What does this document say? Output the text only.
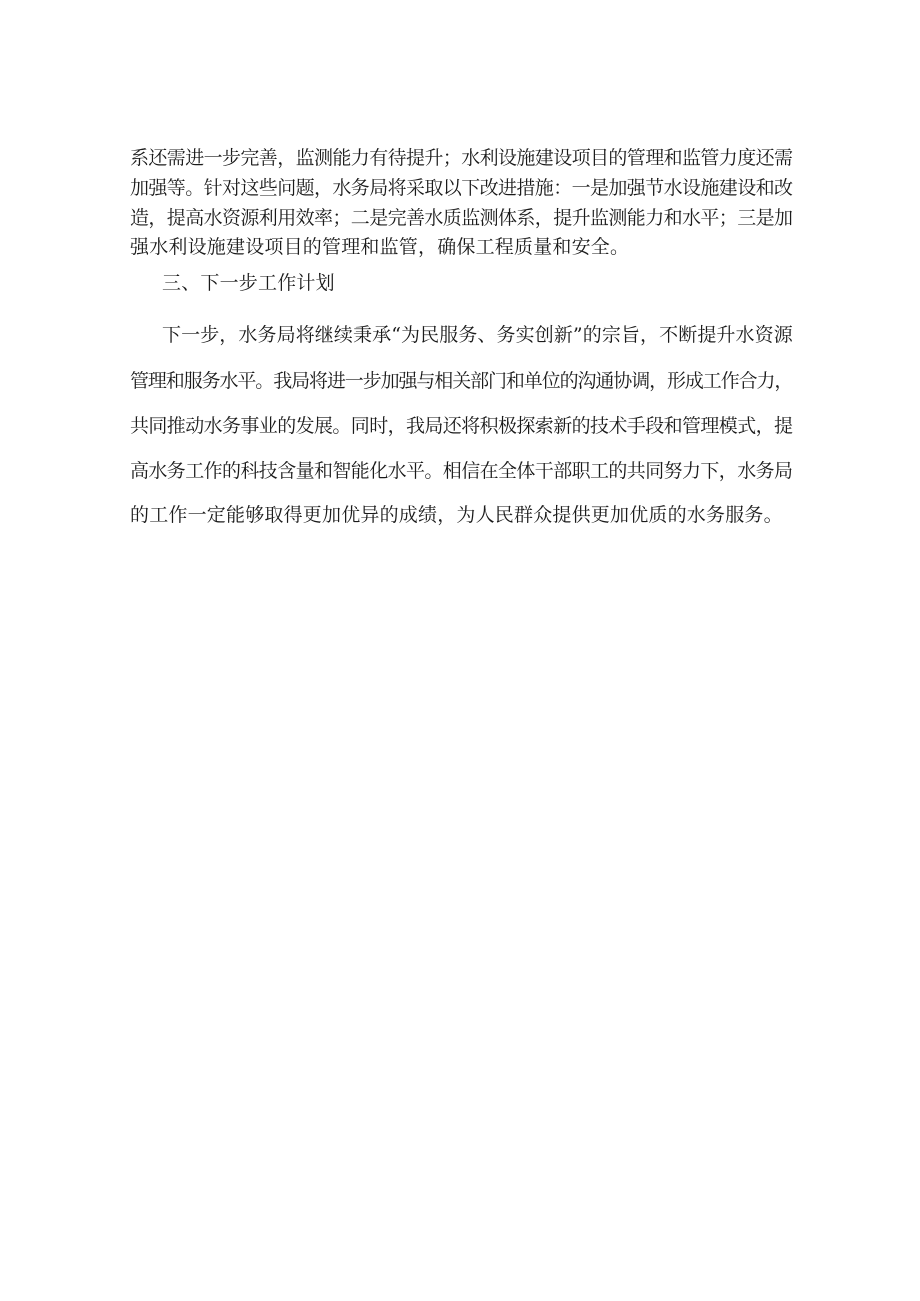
系还需进一步完善，监测能力有待提升；水利设施建设项目的管理和监管力度还需

加强等。针对这些问题，水务局将采取以下改进措施：一是加强节水设施建设和改

造，提高水资源利用效率；二是完善水质监测体系，提升监测能力和水平；三是加

强水利设施建设项目的管理和监管，确保工程质量和安全。

三、下一步工作计划

下一步，水务局将继续秉承“为民服务、务实创新”的宗旨，不断提升水资源

管理和服务水平。我局将进一步加强与相关部门和单位的沟通协调，形成工作合力，

共同推动水务事业的发展。同时，我局还将积极探索新的技术手段和管理模式，提

高水务工作的科技含量和智能化水平。相信在全体干部职工的共同努力下，水务局

的工作一定能够取得更加优异的成绩，为人民群众提供更加优质的水务服务。
